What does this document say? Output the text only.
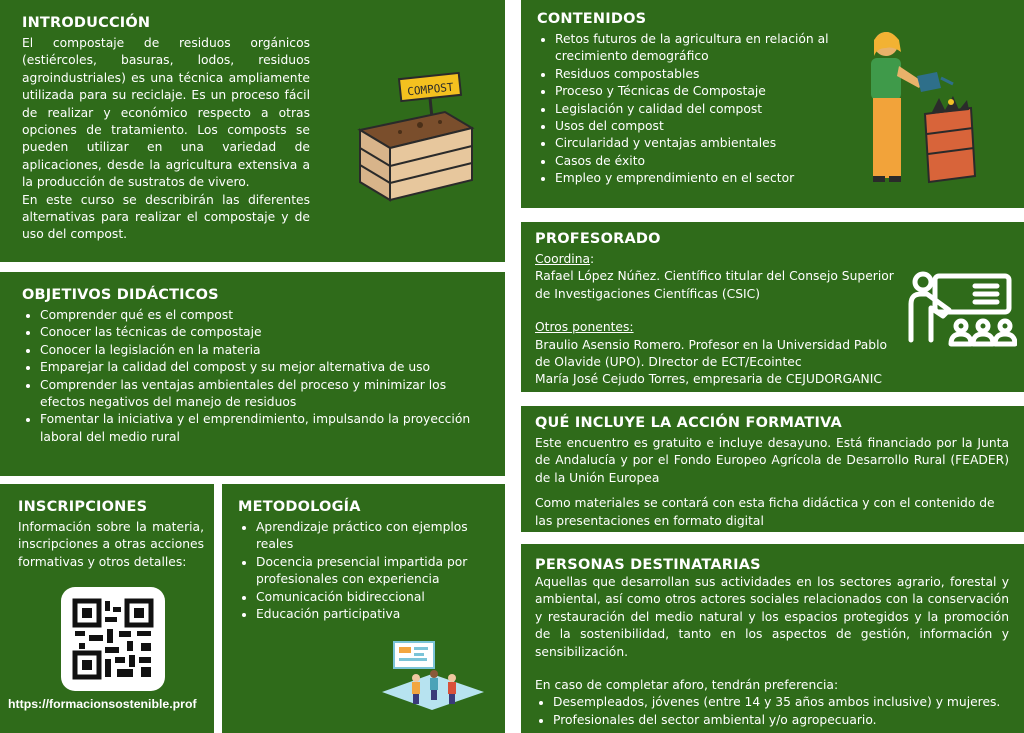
INTRODUCCIÓN
El compostaje de residuos orgánicos (estiércoles, basuras, lodos, residuos agroindustriales) es una técnica ampliamente utilizada para su reciclaje. Es un proceso fácil de realizar y económico respecto a otras opciones de tratamiento. Los composts se pueden utilizar en una variedad de aplicaciones, desde la agricultura extensiva a la producción de sustratos de vivero.
En este curso se describirán las diferentes alternativas para realizar el compostaje y de uso del compost.
COMPOST
OBJETIVOS DIDÁCTICOS
• Comprender qué es el compost
• Conocer las técnicas de compostaje
• Conocer la legislación en la materia
• Emparejar la calidad del compost y su mejor alternativa de uso
• Comprender las ventajas ambientales del proceso y minimizar los efectos negativos del manejo de residuos
• Fomentar la iniciativa y el emprendimiento, impulsando la proyección laboral del medio rural
INSCRIPCIONES
Información sobre la materia, inscripciones a otras acciones formativas y otros detalles:
https://formacionsostenible.prof
METODOLOGÍA
• Aprendizaje práctico con ejemplos reales
• Docencia presencial impartida por profesionales con experiencia
• Comunicación bidireccional
• Educación participativa
CONTENIDOS
• Retos futuros de la agricultura en relación al crecimiento demográfico
• Residuos compostables
• Proceso y Técnicas de Compostaje
• Legislación y calidad del compost
• Usos del compost
• Circularidad y ventajas ambientales
• Casos de éxito
• Empleo y emprendimiento en el sector
PROFESORADO
Coordina:
Rafael López Núñez. Científico titular del Consejo Superior de Investigaciones Científicas (CSIC)
Otros ponentes:
Braulio Asensio Romero. Profesor en la Universidad Pablo de Olavide (UPO). DIrector de ECT/Ecointec
María José Cejudo Torres, empresaria de CEJUDORGANIC
QUÉ INCLUYE LA ACCIÓN FORMATIVA
Este encuentro es gratuito e incluye desayuno. Está financiado por la Junta de Andalucía y por el Fondo Europeo Agrícola de Desarrollo Rural (FEADER) de la Unión Europea
Como materiales se contará con esta ficha didáctica y con el contenido de las presentaciones en formato digital
PERSONAS DESTINATARIAS
Aquellas que desarrollan sus actividades en los sectores agrario, forestal y ambiental, así como otros actores sociales relacionados con la conservación y restauración del medio natural y los espacios protegidos y la promoción de la sostenibilidad, tanto en los aspectos de gestión, información y sensibilización.
En caso de completar aforo, tendrán preferencia:
• Desempleados, jóvenes (entre 14 y 35 años ambos inclusive) y mujeres.
• Profesionales del sector ambiental y/o agropecuario.
